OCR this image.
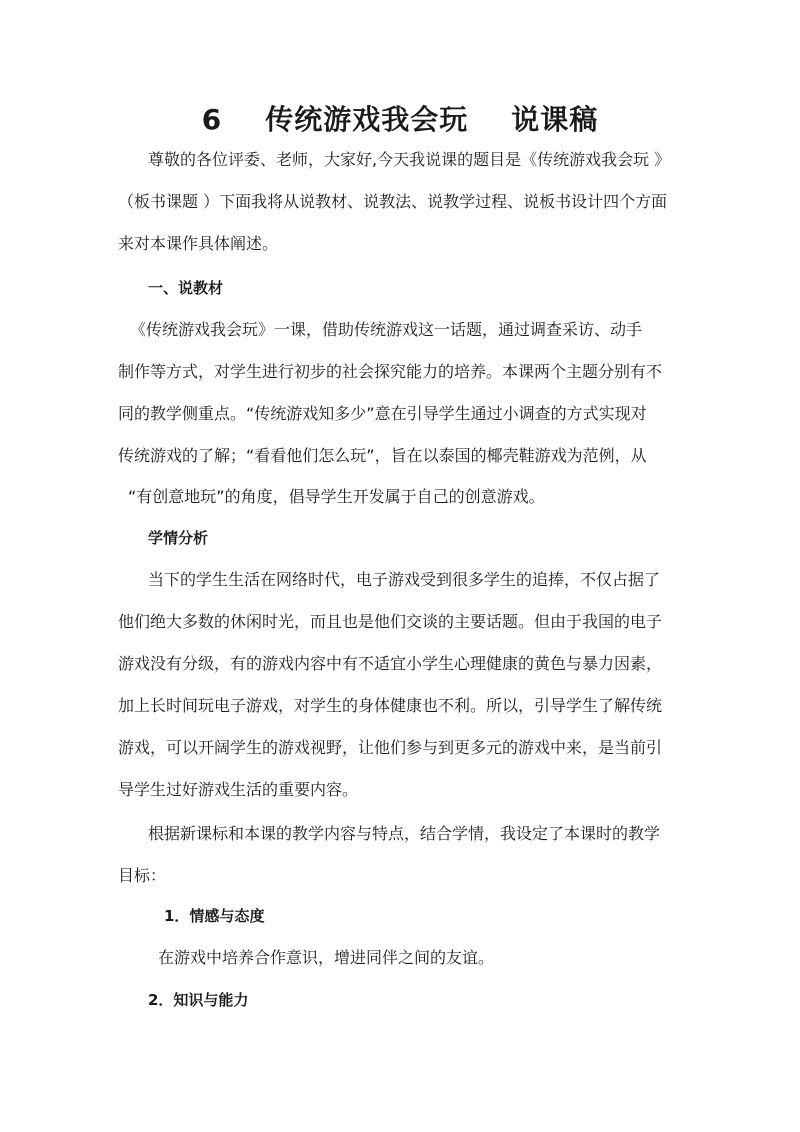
6    传统游戏我会玩    说课稿
尊敬的各位评委、老师，大家好,今天我说课的题目是《传统游戏我会玩 》
（板书课题 ）下面我将从说教材、说教法、说教学过程、说板书设计四个方面
来对本课作具体阐述。
一、说教材
《传统游戏我会玩》一课，借助传统游戏这一话题，通过调查采访、动手
制作等方式，对学生进行初步的社会探究能力的培养。本课两个主题分别有不
同的教学侧重点。“传统游戏知多少”意在引导学生通过小调查的方式实现对
传统游戏的了解；“看看他们怎么玩”，旨在以泰国的椰壳鞋游戏为范例，从
“有创意地玩”的角度，倡导学生开发属于自己的创意游戏。
学情分析
当下的学生生活在网络时代，电子游戏受到很多学生的追捧，不仅占据了
他们绝大多数的休闲时光，而且也是他们交谈的主要话题。但由于我国的电子
游戏没有分级，有的游戏内容中有不适宜小学生心理健康的黄色与暴力因素，
加上长时间玩电子游戏，对学生的身体健康也不利。所以，引导学生了解传统
游戏，可以开阔学生的游戏视野，让他们参与到更多元的游戏中来，是当前引
导学生过好游戏生活的重要内容。
根据新课标和本课的教学内容与特点，结合学情，我设定了本课时的教学
目标：
1．情感与态度
在游戏中培养合作意识，增进同伴之间的友谊。
2．知识与能力
